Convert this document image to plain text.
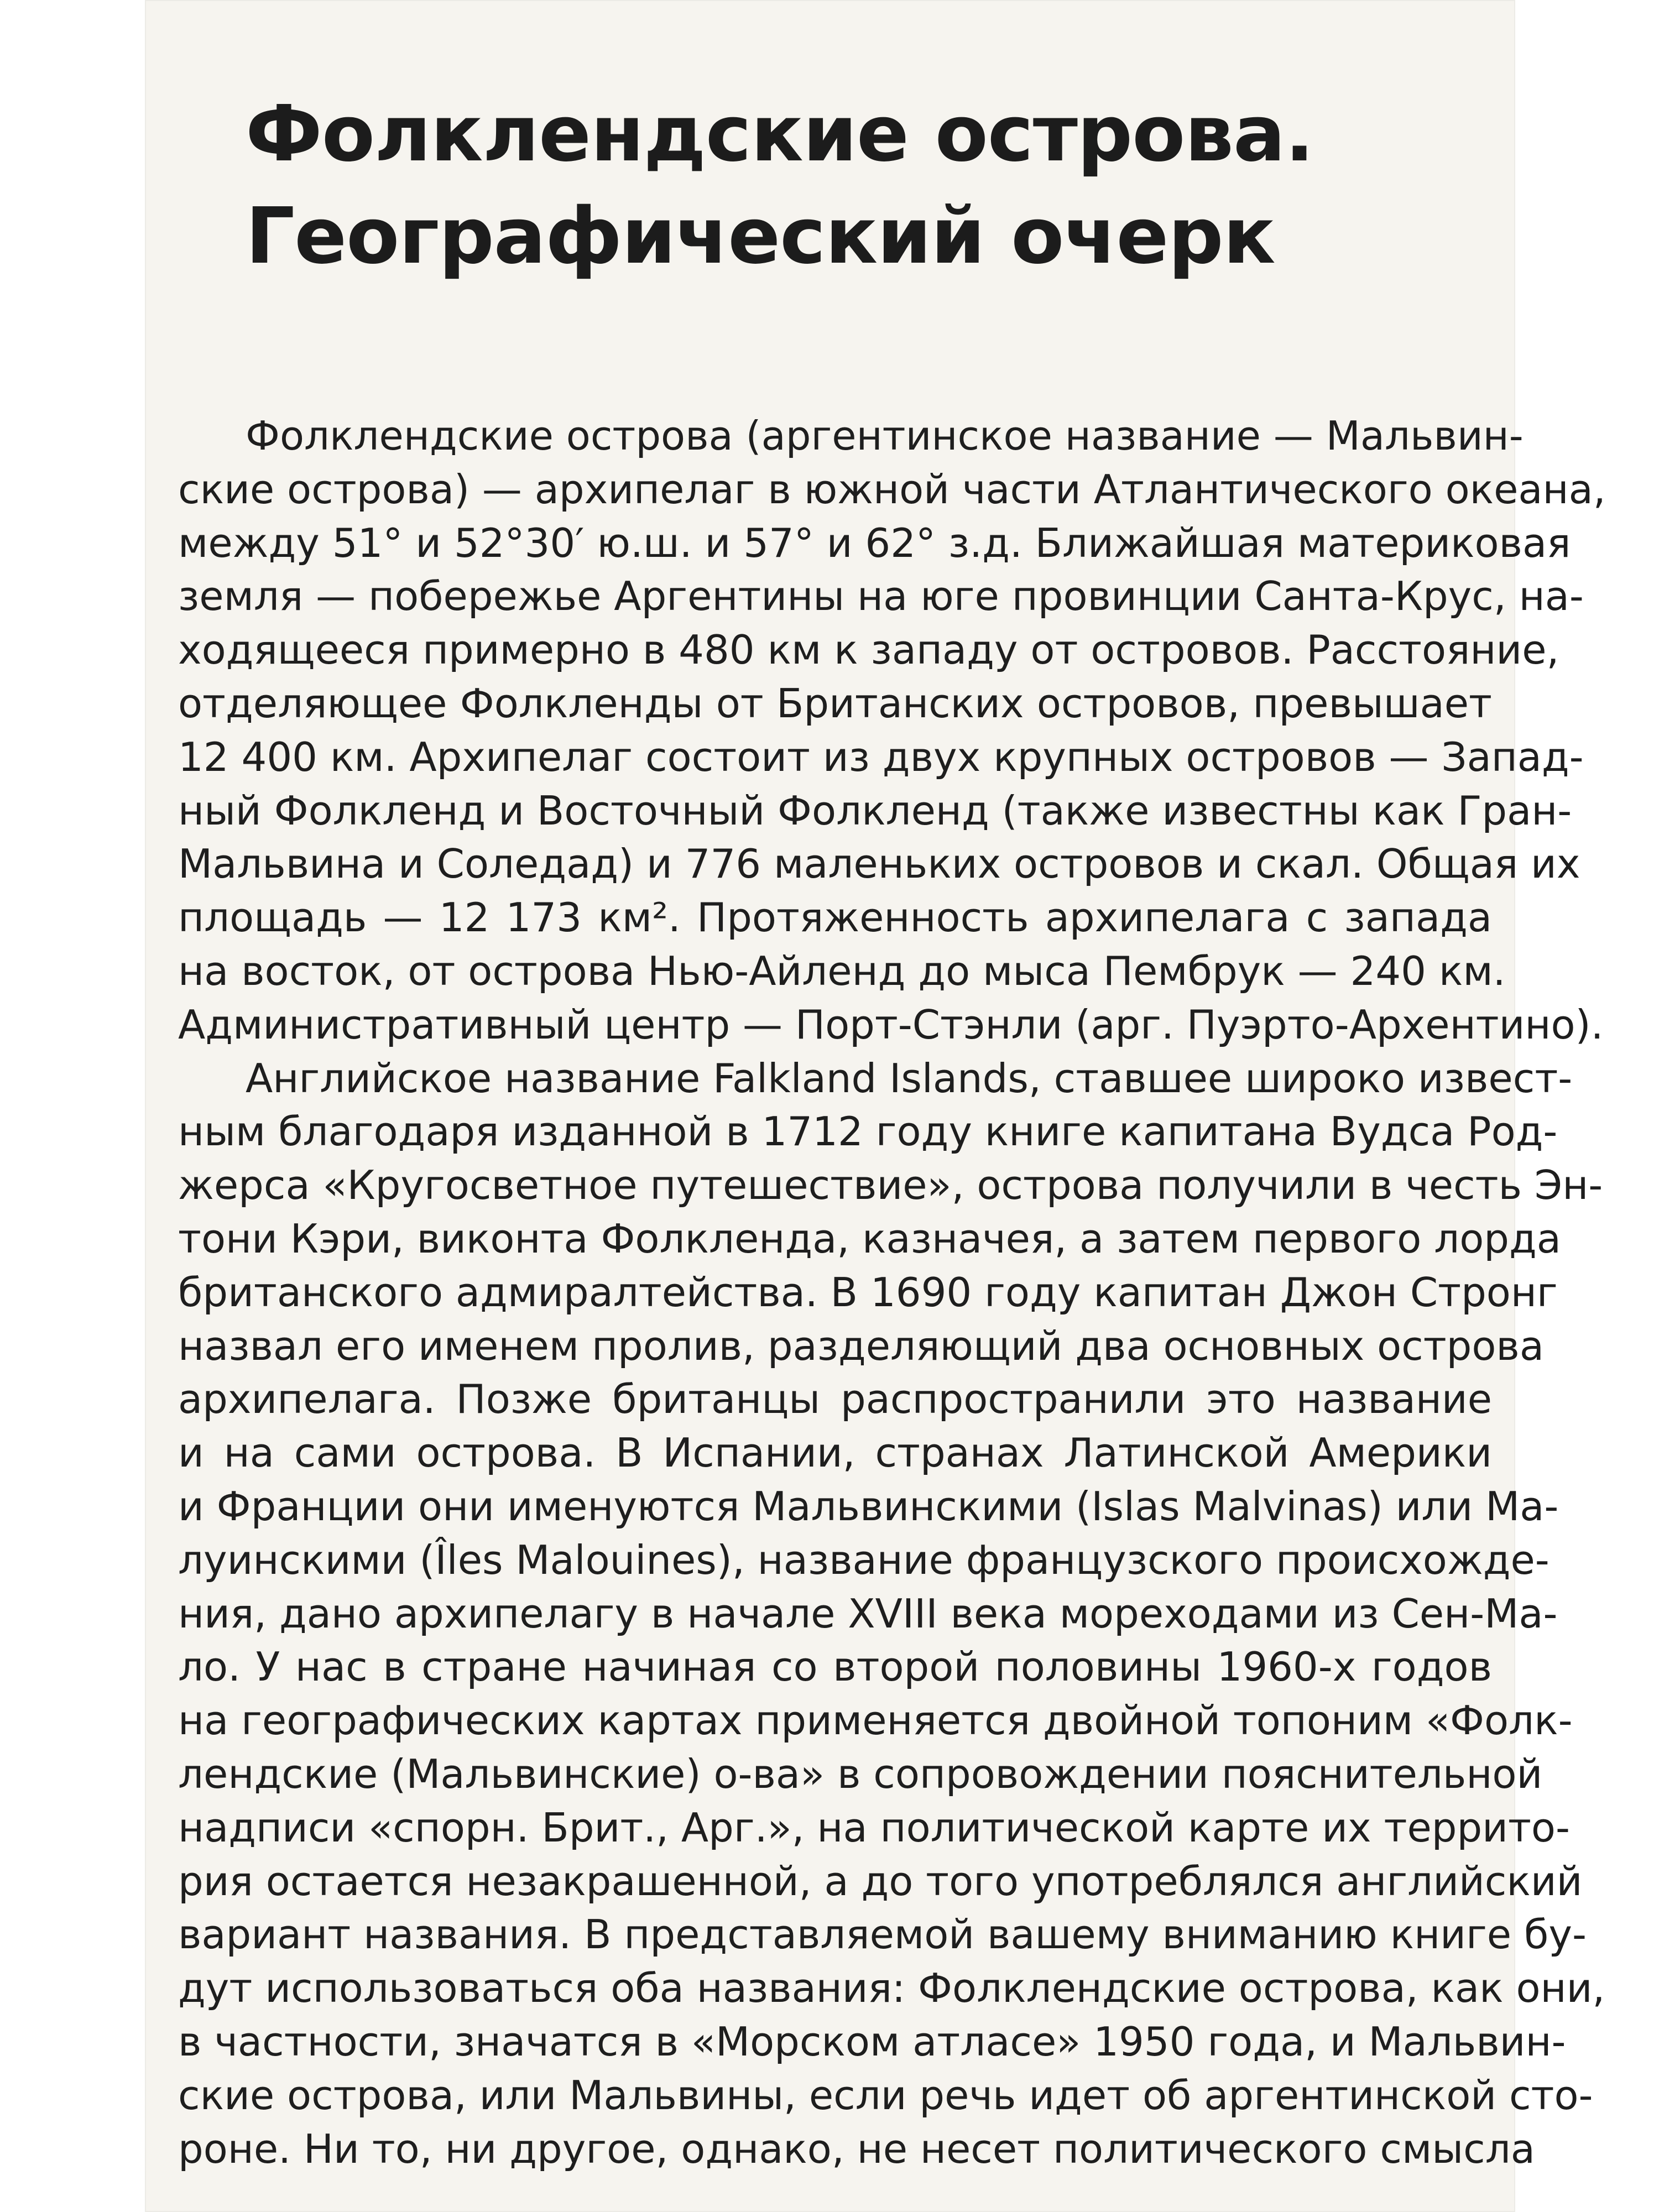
Фолклендские острова.
Географический очерк

Фолклендские острова (аргентинское название — Мальвин-
ские острова) — архипелаг в южной части Атлантического океана,
между 51° и 52°30′ ю.ш. и 57° и 62° з.д. Ближайшая материковая
земля — побережье Аргентины на юге провинции Санта-Крус, на-
ходящееся примерно в 480 км к западу от островов. Расстояние,
отделяющее Фолкленды от Британских островов, превышает
12 400 км. Архипелаг состоит из двух крупных островов — Запад-
ный Фолкленд и Восточный Фолкленд (также известны как Гран-
Мальвина и Соледад) и 776 маленьких островов и скал. Общая их
площадь — 12 173 км². Протяженность архипелага с запада
на восток, от острова Нью-Айленд до мыса Пембрук — 240 км.
Административный центр — Порт-Стэнли (арг. Пуэрто-Архентино).

Английское название Falkland Islands, ставшее широко извест-
ным благодаря изданной в 1712 году книге капитана Вудса Род-
жерса «Кругосветное путешествие», острова получили в честь Эн-
тони Кэри, виконта Фолкленда, казначея, а затем первого лорда
британского адмиралтейства. В 1690 году капитан Джон Стронг
назвал его именем пролив, разделяющий два основных острова
архипелага. Позже британцы распространили это название
и на сами острова. В Испании, странах Латинской Америки
и Франции они именуются Мальвинскими (Islas Malvinas) или Ма-
луинскими (Îles Malouines), название французского происхожде-
ния, дано архипелагу в начале XVIII века мореходами из Сен-Ма-
ло. У нас в стране начиная со второй половины 1960-х годов
на географических картах применяется двойной топоним «Фолк-
лендские (Мальвинские) о-ва» в сопровождении пояснительной
надписи «спорн. Брит., Арг.», на политической карте их террито-
рия остается незакрашенной, а до того употреблялся английский
вариант названия. В представляемой вашему вниманию книге бу-
дут использоваться оба названия: Фолклендские острова, как они,
в частности, значатся в «Морском атласе» 1950 года, и Мальвин-
ские острова, или Мальвины, если речь идет об аргентинской сто-
роне. Ни то, ни другое, однако, не несет политического смысла
